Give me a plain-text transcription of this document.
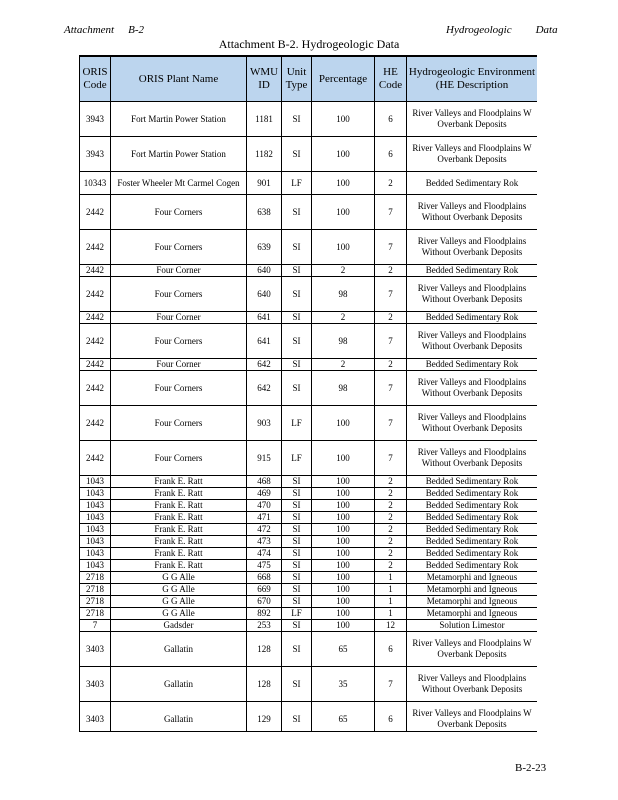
Attachment B-2	Hydrogeologic Data
Attachment B-2. Hydrogeologic Data
ORIS Code	ORIS Plant Name	WMU ID	Unit Type	Percentage	HE Code	Hydrogeologic Environment (HE Description
3943	Fort Martin Power Station	1181	SI	100	6	River Valleys and Floodplains W Overbank Deposits
3943	Fort Martin Power Station	1182	SI	100	6	River Valleys and Floodplains W Overbank Deposits
10343	Foster Wheeler Mt Carmel Cogen	901	LF	100	2	Bedded Sedimentary Rok
2442	Four Corners	638	SI	100	7	River Valleys and Floodplains Without Overbank Deposits
2442	Four Corners	639	SI	100	7	River Valleys and Floodplains Without Overbank Deposits
2442	Four Corner	640	SI	2	2	Bedded Sedimentary Rok
2442	Four Corners	640	SI	98	7	River Valleys and Floodplains Without Overbank Deposits
2442	Four Corner	641	SI	2	2	Bedded Sedimentary Rok
2442	Four Corners	641	SI	98	7	River Valleys and Floodplains Without Overbank Deposits
2442	Four Corner	642	SI	2	2	Bedded Sedimentary Rok
2442	Four Corners	642	SI	98	7	River Valleys and Floodplains Without Overbank Deposits
2442	Four Corners	903	LF	100	7	River Valleys and Floodplains Without Overbank Deposits
2442	Four Corners	915	LF	100	7	River Valleys and Floodplains Without Overbank Deposits
1043	Frank E. Ratt	468	SI	100	2	Bedded Sedimentary Rok
1043	Frank E. Ratt	469	SI	100	2	Bedded Sedimentary Rok
1043	Frank E. Ratt	470	SI	100	2	Bedded Sedimentary Rok
1043	Frank E. Ratt	471	SI	100	2	Bedded Sedimentary Rok
1043	Frank E. Ratt	472	SI	100	2	Bedded Sedimentary Rok
1043	Frank E. Ratt	473	SI	100	2	Bedded Sedimentary Rok
1043	Frank E. Ratt	474	SI	100	2	Bedded Sedimentary Rok
1043	Frank E. Ratt	475	SI	100	2	Bedded Sedimentary Rok
2718	G G Alle	668	SI	100	1	Metamorphi and Igneous
2718	G G Alle	669	SI	100	1	Metamorphi and Igneous
2718	G G Alle	670	SI	100	1	Metamorphi and Igneous
2718	G G Alle	892	LF	100	1	Metamorphi and Igneous
7	Gadsder	253	SI	100	12	Solution Limestor
3403	Gallatin	128	SI	65	6	River Valleys and Floodplains W Overbank Deposits
3403	Gallatin	128	SI	35	7	River Valleys and Floodplains Without Overbank Deposits
3403	Gallatin	129	SI	65	6	River Valleys and Floodplains W Overbank Deposits
B-2-23
